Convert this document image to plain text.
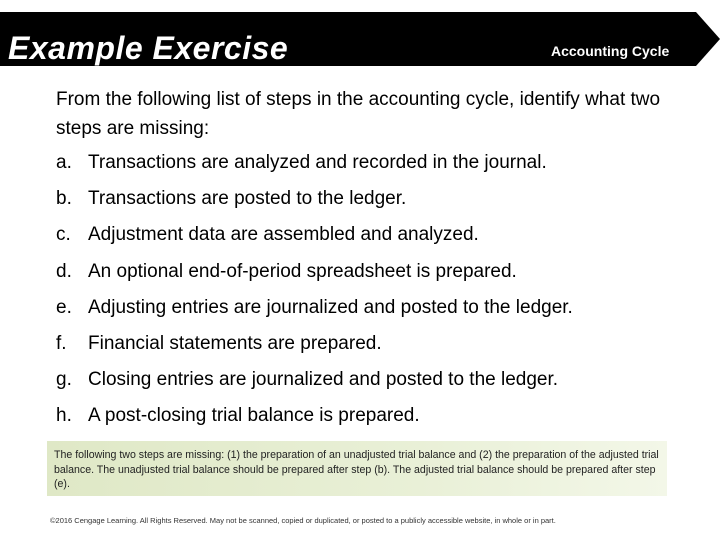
Example Exercise	Accounting Cycle
From the following list of steps in the accounting cycle, identify what two steps are missing:
a. Transactions are analyzed and recorded in the journal.
b. Transactions are posted to the ledger.
c. Adjustment data are assembled and analyzed.
d. An optional end-of-period spreadsheet is prepared.
e. Adjusting entries are journalized and posted to the ledger.
f. Financial statements are prepared.
g. Closing entries are journalized and posted to the ledger.
h. A post-closing trial balance is prepared.
The following two steps are missing: (1) the preparation of an unadjusted trial balance and (2) the preparation of the adjusted trial balance. The unadjusted trial balance should be prepared after step (b). The adjusted trial balance should be prepared after step (e).
©2016 Cengage Learning. All Rights Reserved. May not be scanned, copied or duplicated, or posted to a publicly accessible website, in whole or in part.
